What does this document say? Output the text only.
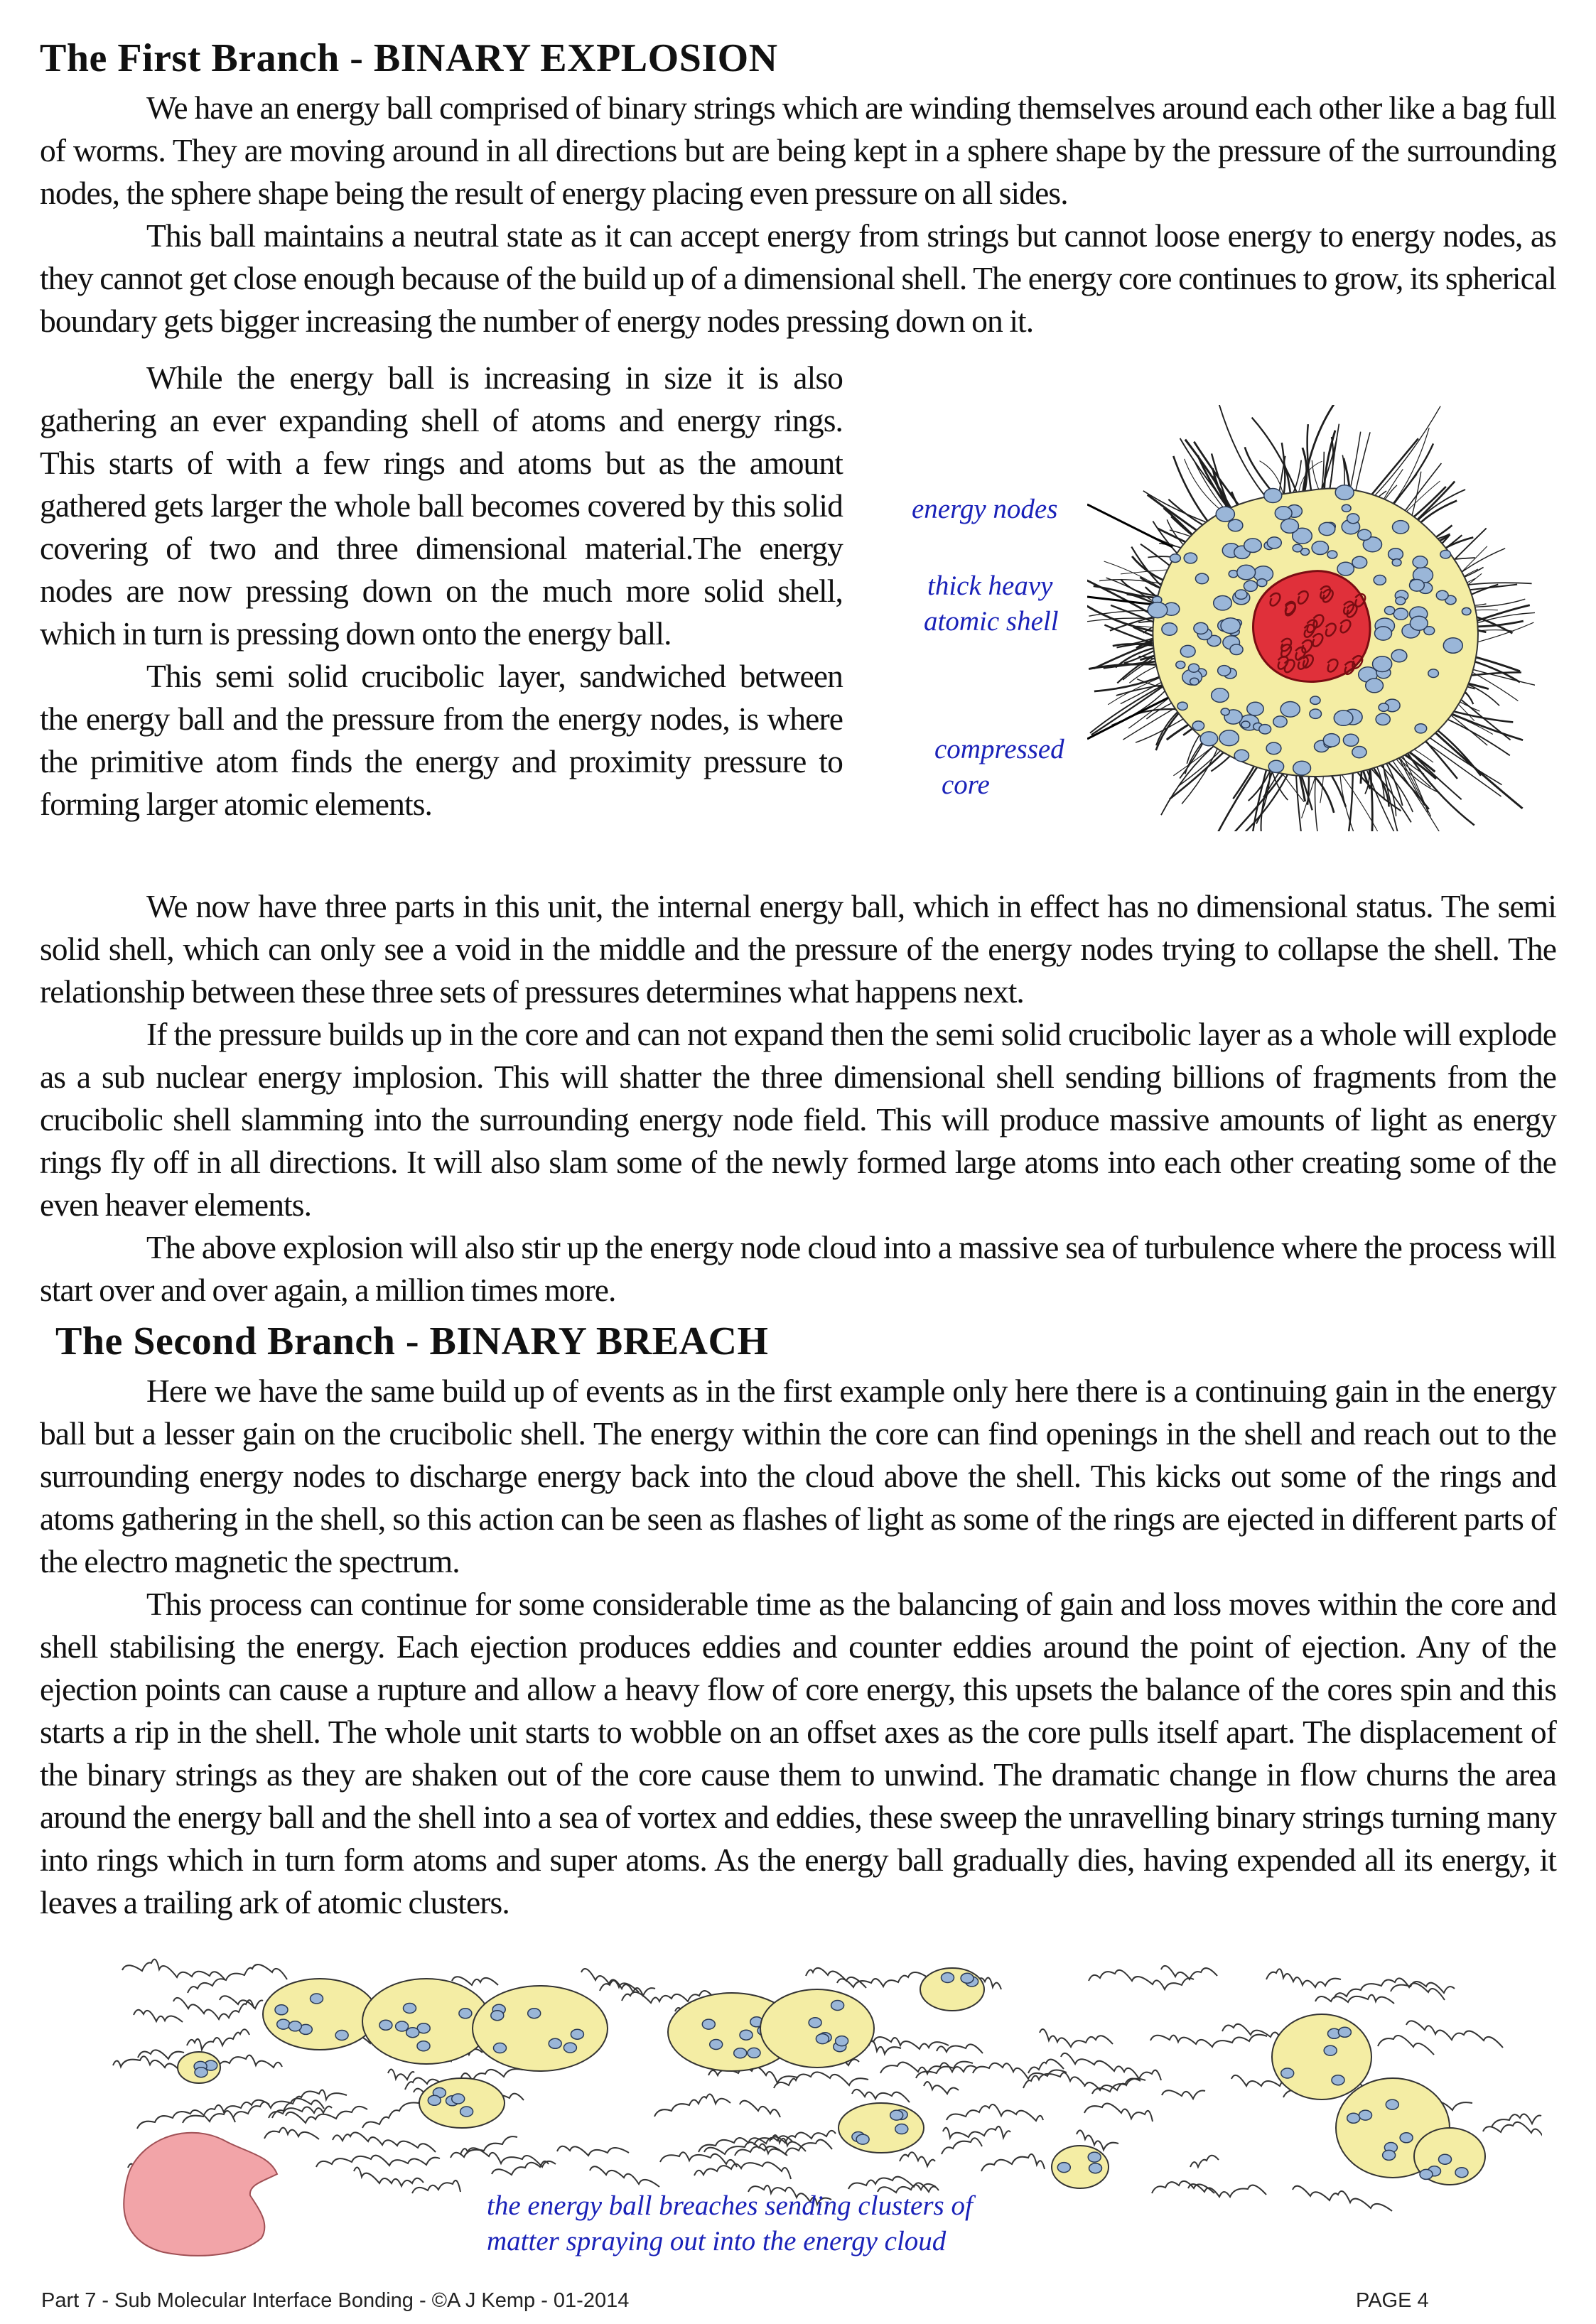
The First Branch - BINARY EXPLOSION

We have an energy ball comprised of binary strings which are winding themselves around each other like a bag full of worms. They are moving around in all directions but are being kept in a sphere shape by the pressure of the surrounding nodes, the sphere shape being the result of energy placing even pressure on all sides.

This ball maintains a neutral state as it can accept energy from strings but cannot loose energy to energy nodes, as they cannot get close enough because of the build up of a dimensional shell. The energy core continues to grow, its spherical boundary gets bigger increasing the number of energy nodes pressing down on it.

While the energy ball is increasing in size it is also gathering an ever expanding shell of atoms and energy rings. This starts of with a few rings and atoms but as the amount gathered gets larger the whole ball becomes covered by this solid covering of two and three dimensional material.The energy nodes are now pressing down on the much more solid shell, which in turn is pressing down onto the energy ball.

This semi solid crucibolic layer, sandwiched between the energy ball and the pressure from the energy nodes, is where the primitive atom finds the energy and proximity pressure to forming larger atomic elements.

energy nodes
thick heavy
atomic shell
compressed
core

We now have three parts in this unit, the internal energy ball, which in effect has no dimensional status. The semi solid shell, which can only see a void in the middle and the pressure of the energy nodes trying to collapse the shell. The relationship between these three sets of pressures determines what happens next.

If the pressure builds up in the core and can not expand then the semi solid crucibolic layer as a whole will explode as a sub nuclear energy implosion. This will shatter the three dimensional shell sending billions of fragments from the crucibolic shell slamming into the surrounding energy node field. This will produce massive amounts of light as energy rings fly off in all directions. It will also slam some of the newly formed large atoms into each other creating some of the even heaver elements.

The above explosion will also stir up the energy node cloud into a massive sea of turbulence where the process will start over and over again, a million times more.

The Second Branch - BINARY BREACH

Here we have the same build up of events as in the first example only here there is a continuing gain in the energy ball but a lesser gain on the crucibolic shell. The energy within the core can find openings in the shell and reach out to the surrounding energy nodes to discharge energy back into the cloud above the shell. This kicks out some of the rings and atoms gathering in the shell, so this action can be seen as flashes of light as some of the rings are ejected in different parts of the electro magnetic the spectrum.

This process can continue for some considerable time as the balancing of gain and loss moves within the core and shell stabilising the energy. Each ejection produces eddies and counter eddies around the point of ejection. Any of the ejection points can cause a rupture and allow a heavy flow of core energy, this upsets the balance of the cores spin and this starts a rip in the shell. The whole unit starts to wobble on an offset axes as the core pulls itself apart. The displacement of the binary strings as they are shaken out of the core cause them to unwind. The dramatic change in flow churns the area around the energy ball and the shell into a sea of vortex and eddies, these sweep the unravelling binary strings turning many into rings which in turn form atoms and super atoms. As the energy ball gradually dies, having expended all its energy, it leaves a trailing ark of atomic clusters.

the energy ball breaches sending clusters of
matter spraying out into the energy cloud
Part 7 - Sub Molecular Interface Bonding - ©A J Kemp - 01-2014	PAGE 4
